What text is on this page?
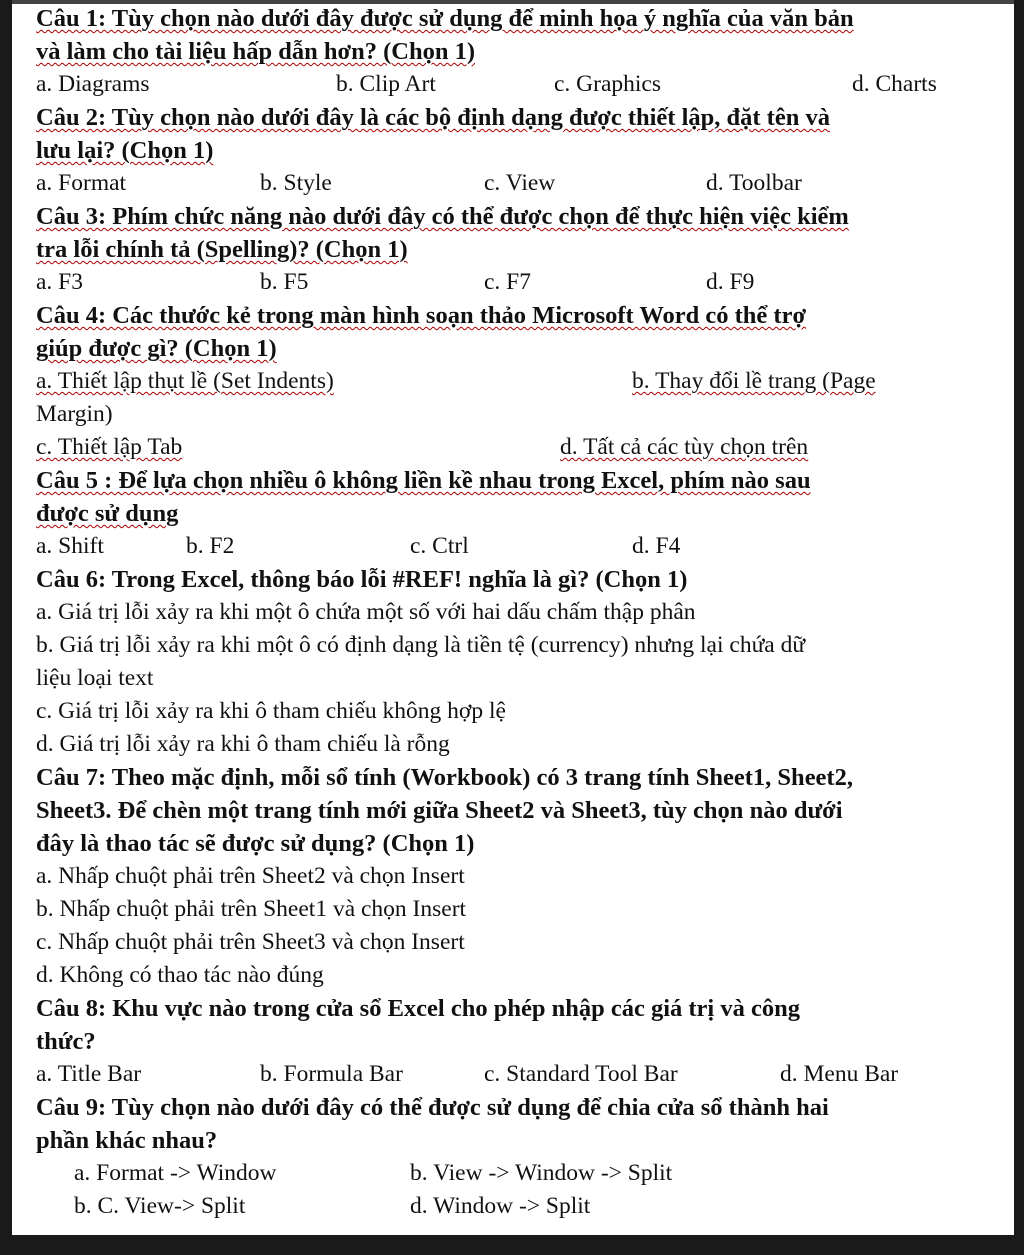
Câu 1: Tùy chọn nào dưới đây được sử dụng để minh họa ý nghĩa của văn bản
và làm cho tài liệu hấp dẫn hơn? (Chọn 1)
a. Diagrams	b. Clip Art	c. Graphics	d. Charts
Câu 2: Tùy chọn nào dưới đây là các bộ định dạng được thiết lập, đặt tên và
lưu lại? (Chọn 1)
a. Format	b. Style	c. View	d. Toolbar
Câu 3: Phím chức năng nào dưới đây có thể được chọn để thực hiện việc kiểm
tra lỗi chính tả (Spelling)? (Chọn 1)
a. F3	b. F5	c. F7	d. F9
Câu 4: Các thước kẻ trong màn hình soạn thảo Microsoft Word có thể trợ
giúp được gì? (Chọn 1)
a. Thiết lập thụt lề (Set Indents)	b. Thay đổi lề trang (Page
Margin)
c. Thiết lập Tab	d. Tất cả các tùy chọn trên
Câu 5 : Để lựa chọn nhiều ô không liền kề nhau trong Excel, phím nào sau
được sử dụng
a. Shift	b. F2	c. Ctrl	d. F4
Câu 6: Trong Excel, thông báo lỗi #REF! nghĩa là gì? (Chọn 1)
a. Giá trị lỗi xảy ra khi một ô chứa một số với hai dấu chấm thập phân
b. Giá trị lỗi xảy ra khi một ô có định dạng là tiền tệ (currency) nhưng lại chứa dữ
liệu loại text
c. Giá trị lỗi xảy ra khi ô tham chiếu không hợp lệ
d. Giá trị lỗi xảy ra khi ô tham chiếu là rỗng
Câu 7: Theo mặc định, mỗi sổ tính (Workbook) có 3 trang tính Sheet1, Sheet2,
Sheet3. Để chèn một trang tính mới giữa Sheet2 và Sheet3, tùy chọn nào dưới
đây là thao tác sẽ được sử dụng? (Chọn 1)
a. Nhấp chuột phải trên Sheet2 và chọn Insert
b. Nhấp chuột phải trên Sheet1 và chọn Insert
c. Nhấp chuột phải trên Sheet3 và chọn Insert
d. Không có thao tác nào đúng
Câu 8: Khu vực nào trong cửa sổ Excel cho phép nhập các giá trị và công
thức?
a. Title Bar	b. Formula Bar	c. Standard Tool Bar	d. Menu Bar
Câu 9: Tùy chọn nào dưới đây có thể được sử dụng để chia cửa sổ thành hai
phần khác nhau?
a. Format -> Window	b. View -> Window -> Split
b. C. View-> Split	d. Window -> Split
